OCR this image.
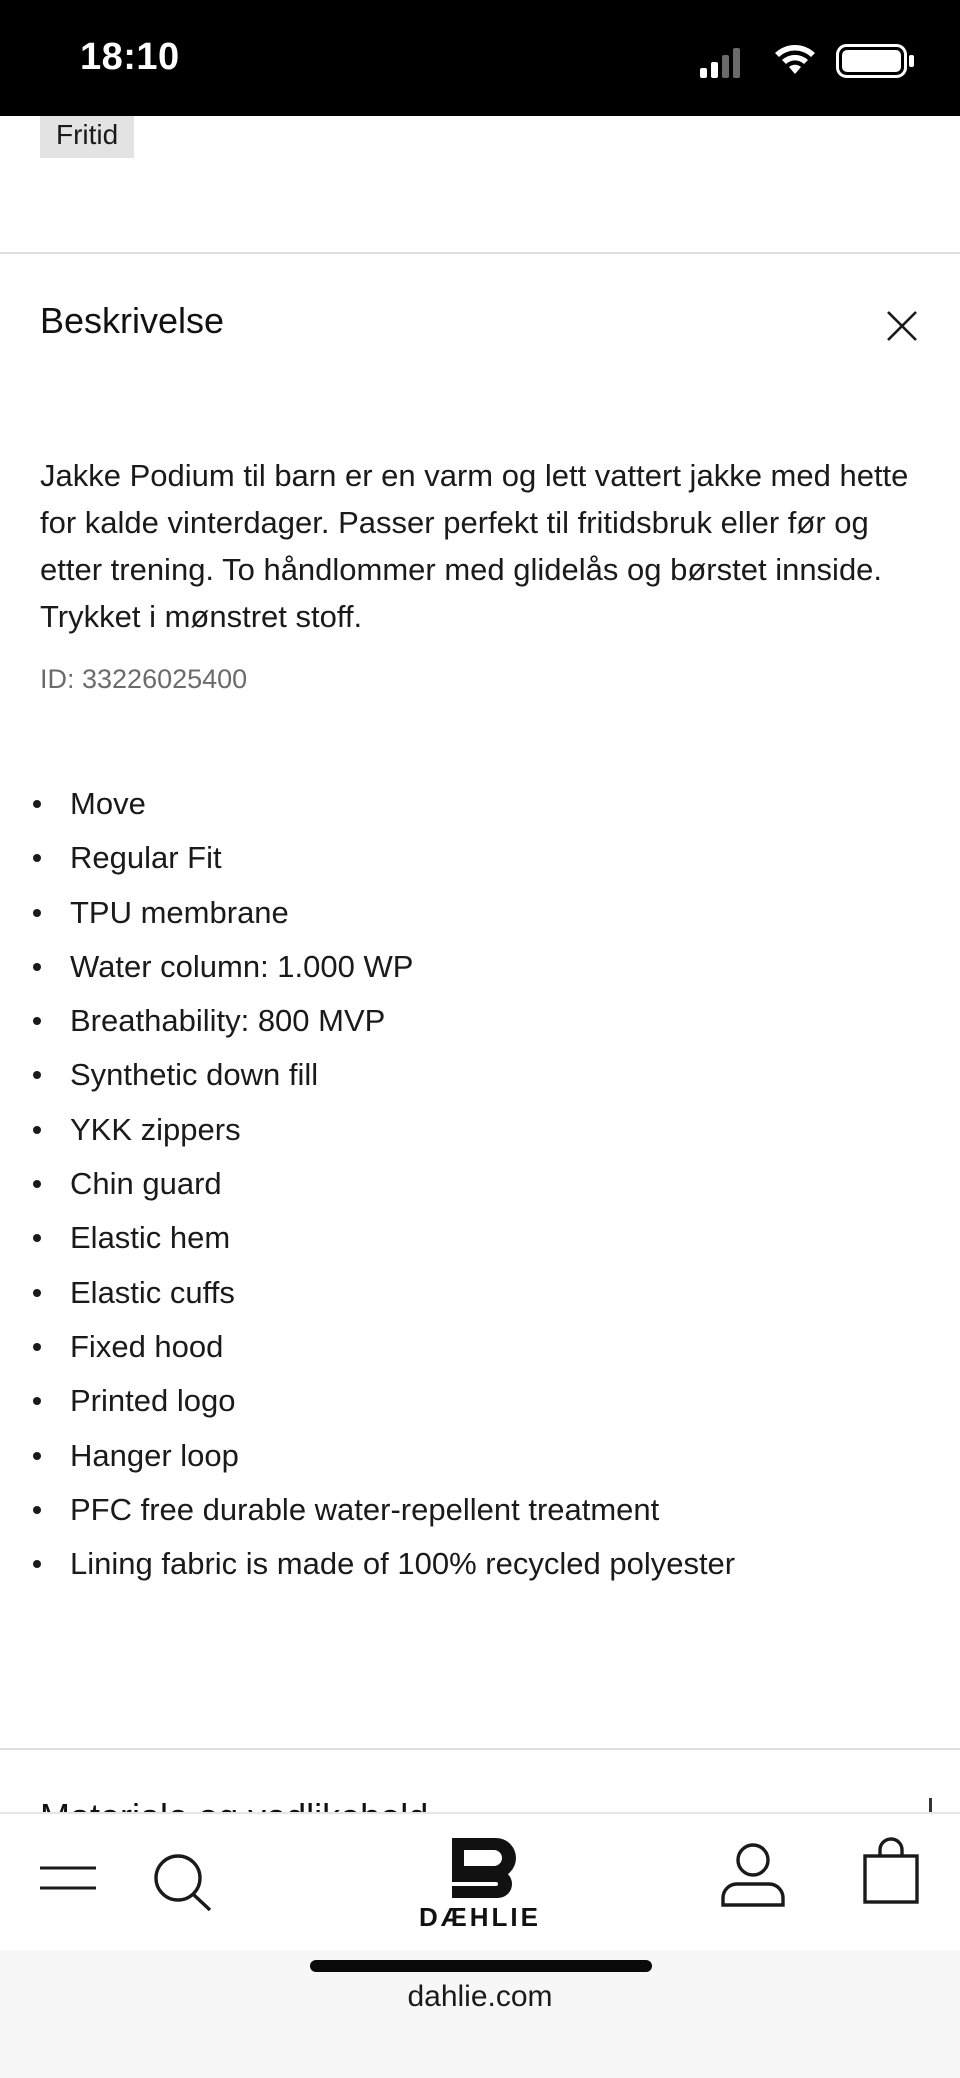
18:10
Fritid
Beskrivelse

Jakke Podium til barn er en varm og lett vattert jakke med hette for kalde vinterdager. Passer perfekt til fritidsbruk eller før og etter trening. To håndlommer med glidelås og børstet innside. Trykket i mønstret stoff.

ID: 33226025400
Move
Regular Fit
TPU membrane
Water column: 1.000 WP
Breathability: 800 MVP
Synthetic down fill
YKK zippers
Chin guard
Elastic hem
Elastic cuffs
Fixed hood
Printed logo
Hanger loop
PFC free durable water-repellent treatment
Lining fabric is made of 100% recycled polyester
DÆHLIE
dahlie.com
